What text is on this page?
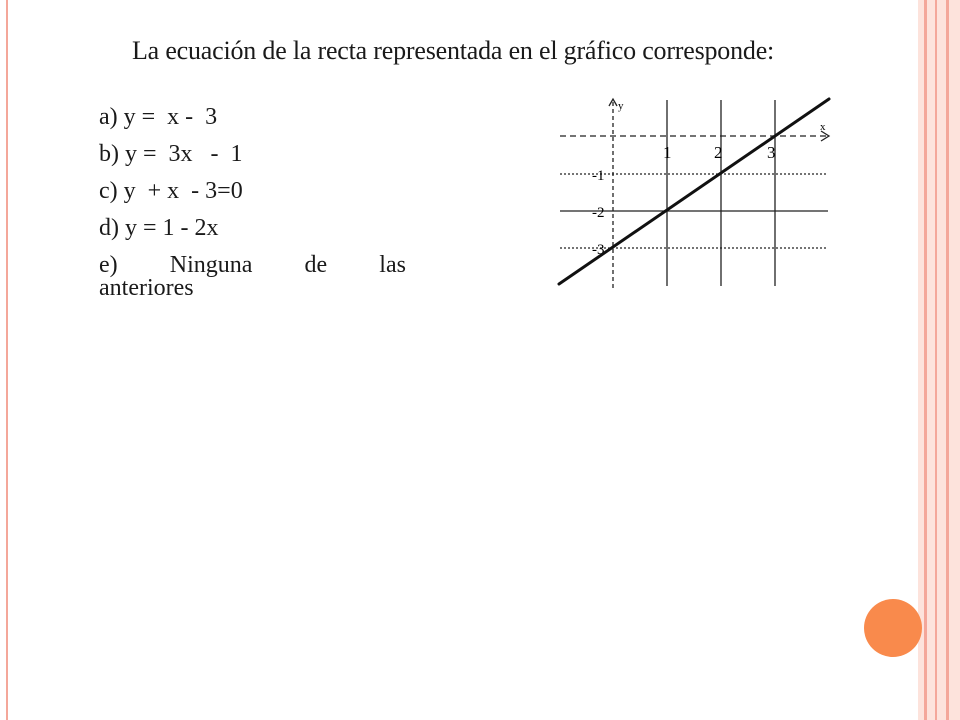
La ecuación de la recta representada en el gráfico corresponde:
a) y =  x -  3
b) y =  3x   -  1
c) y  + x  - 3=0
d) y = 1 - 2x
e) Ninguna de las
anteriores
x
y
1	2	3
-1
-2
-3
